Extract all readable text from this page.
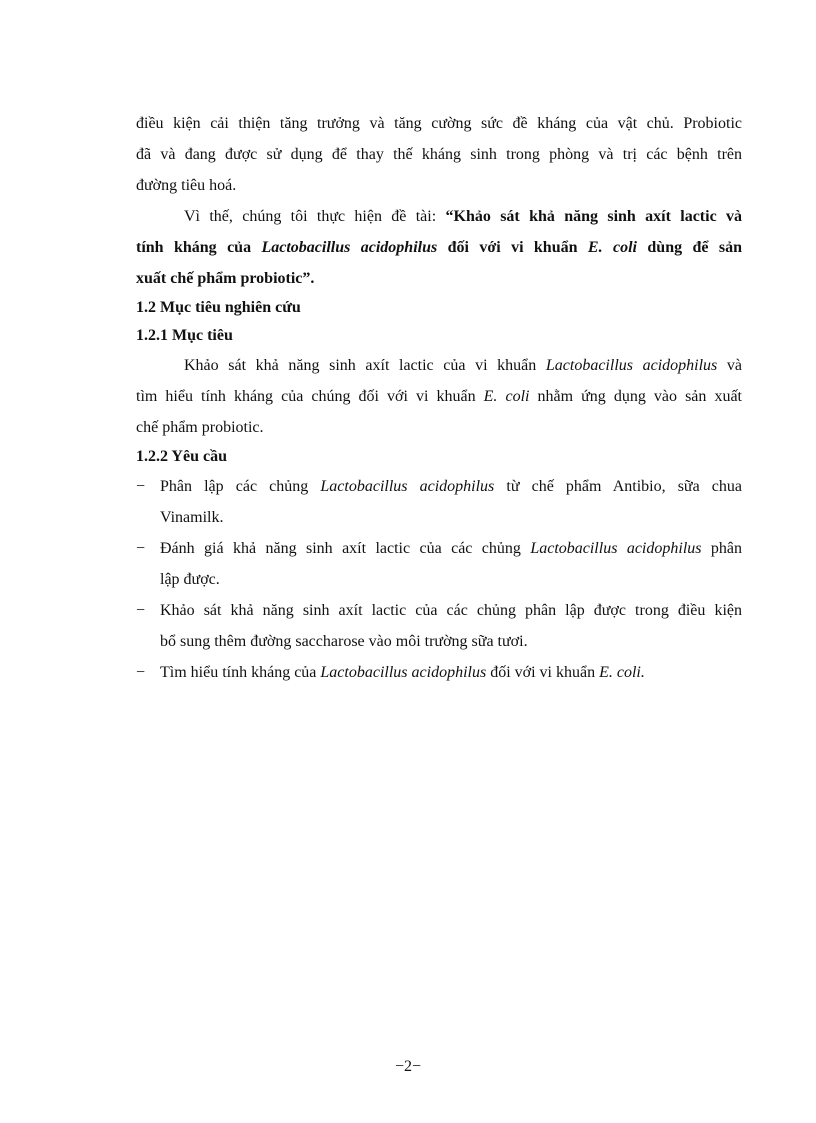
điều kiện cải thiện tăng trưởng và tăng cường sức đề kháng của vật chủ. Probiotic
đã và đang được sử dụng để thay thế kháng sinh trong phòng và trị các bệnh trên
đường tiêu hoá.
Vì thế, chúng tôi thực hiện đề tài: “Khảo sát khả năng sinh axít lactic và
tính kháng của Lactobacillus acidophilus đối với vi khuẩn E. coli dùng để sản
xuất chế phẩm probiotic”.
1.2 Mục tiêu nghiên cứu
1.2.1 Mục tiêu
Khảo sát khả năng sinh axít lactic của vi khuẩn Lactobacillus acidophilus và
tìm hiểu tính kháng của chúng đối với vi khuẩn E. coli nhằm ứng dụng vào sản xuất
chế phẩm probiotic.
1.2.2 Yêu cầu
− Phân lập các chủng Lactobacillus acidophilus từ chế phẩm Antibio, sữa chua
Vinamilk.
− Đánh giá khả năng sinh axít lactic của các chủng Lactobacillus acidophilus phân
lập được.
− Khảo sát khả năng sinh axít lactic của các chủng phân lập được trong điều kiện
bổ sung thêm đường saccharose vào môi trường sữa tươi.
− Tìm hiểu tính kháng của Lactobacillus acidophilus đối với vi khuẩn E. coli.
−2−
